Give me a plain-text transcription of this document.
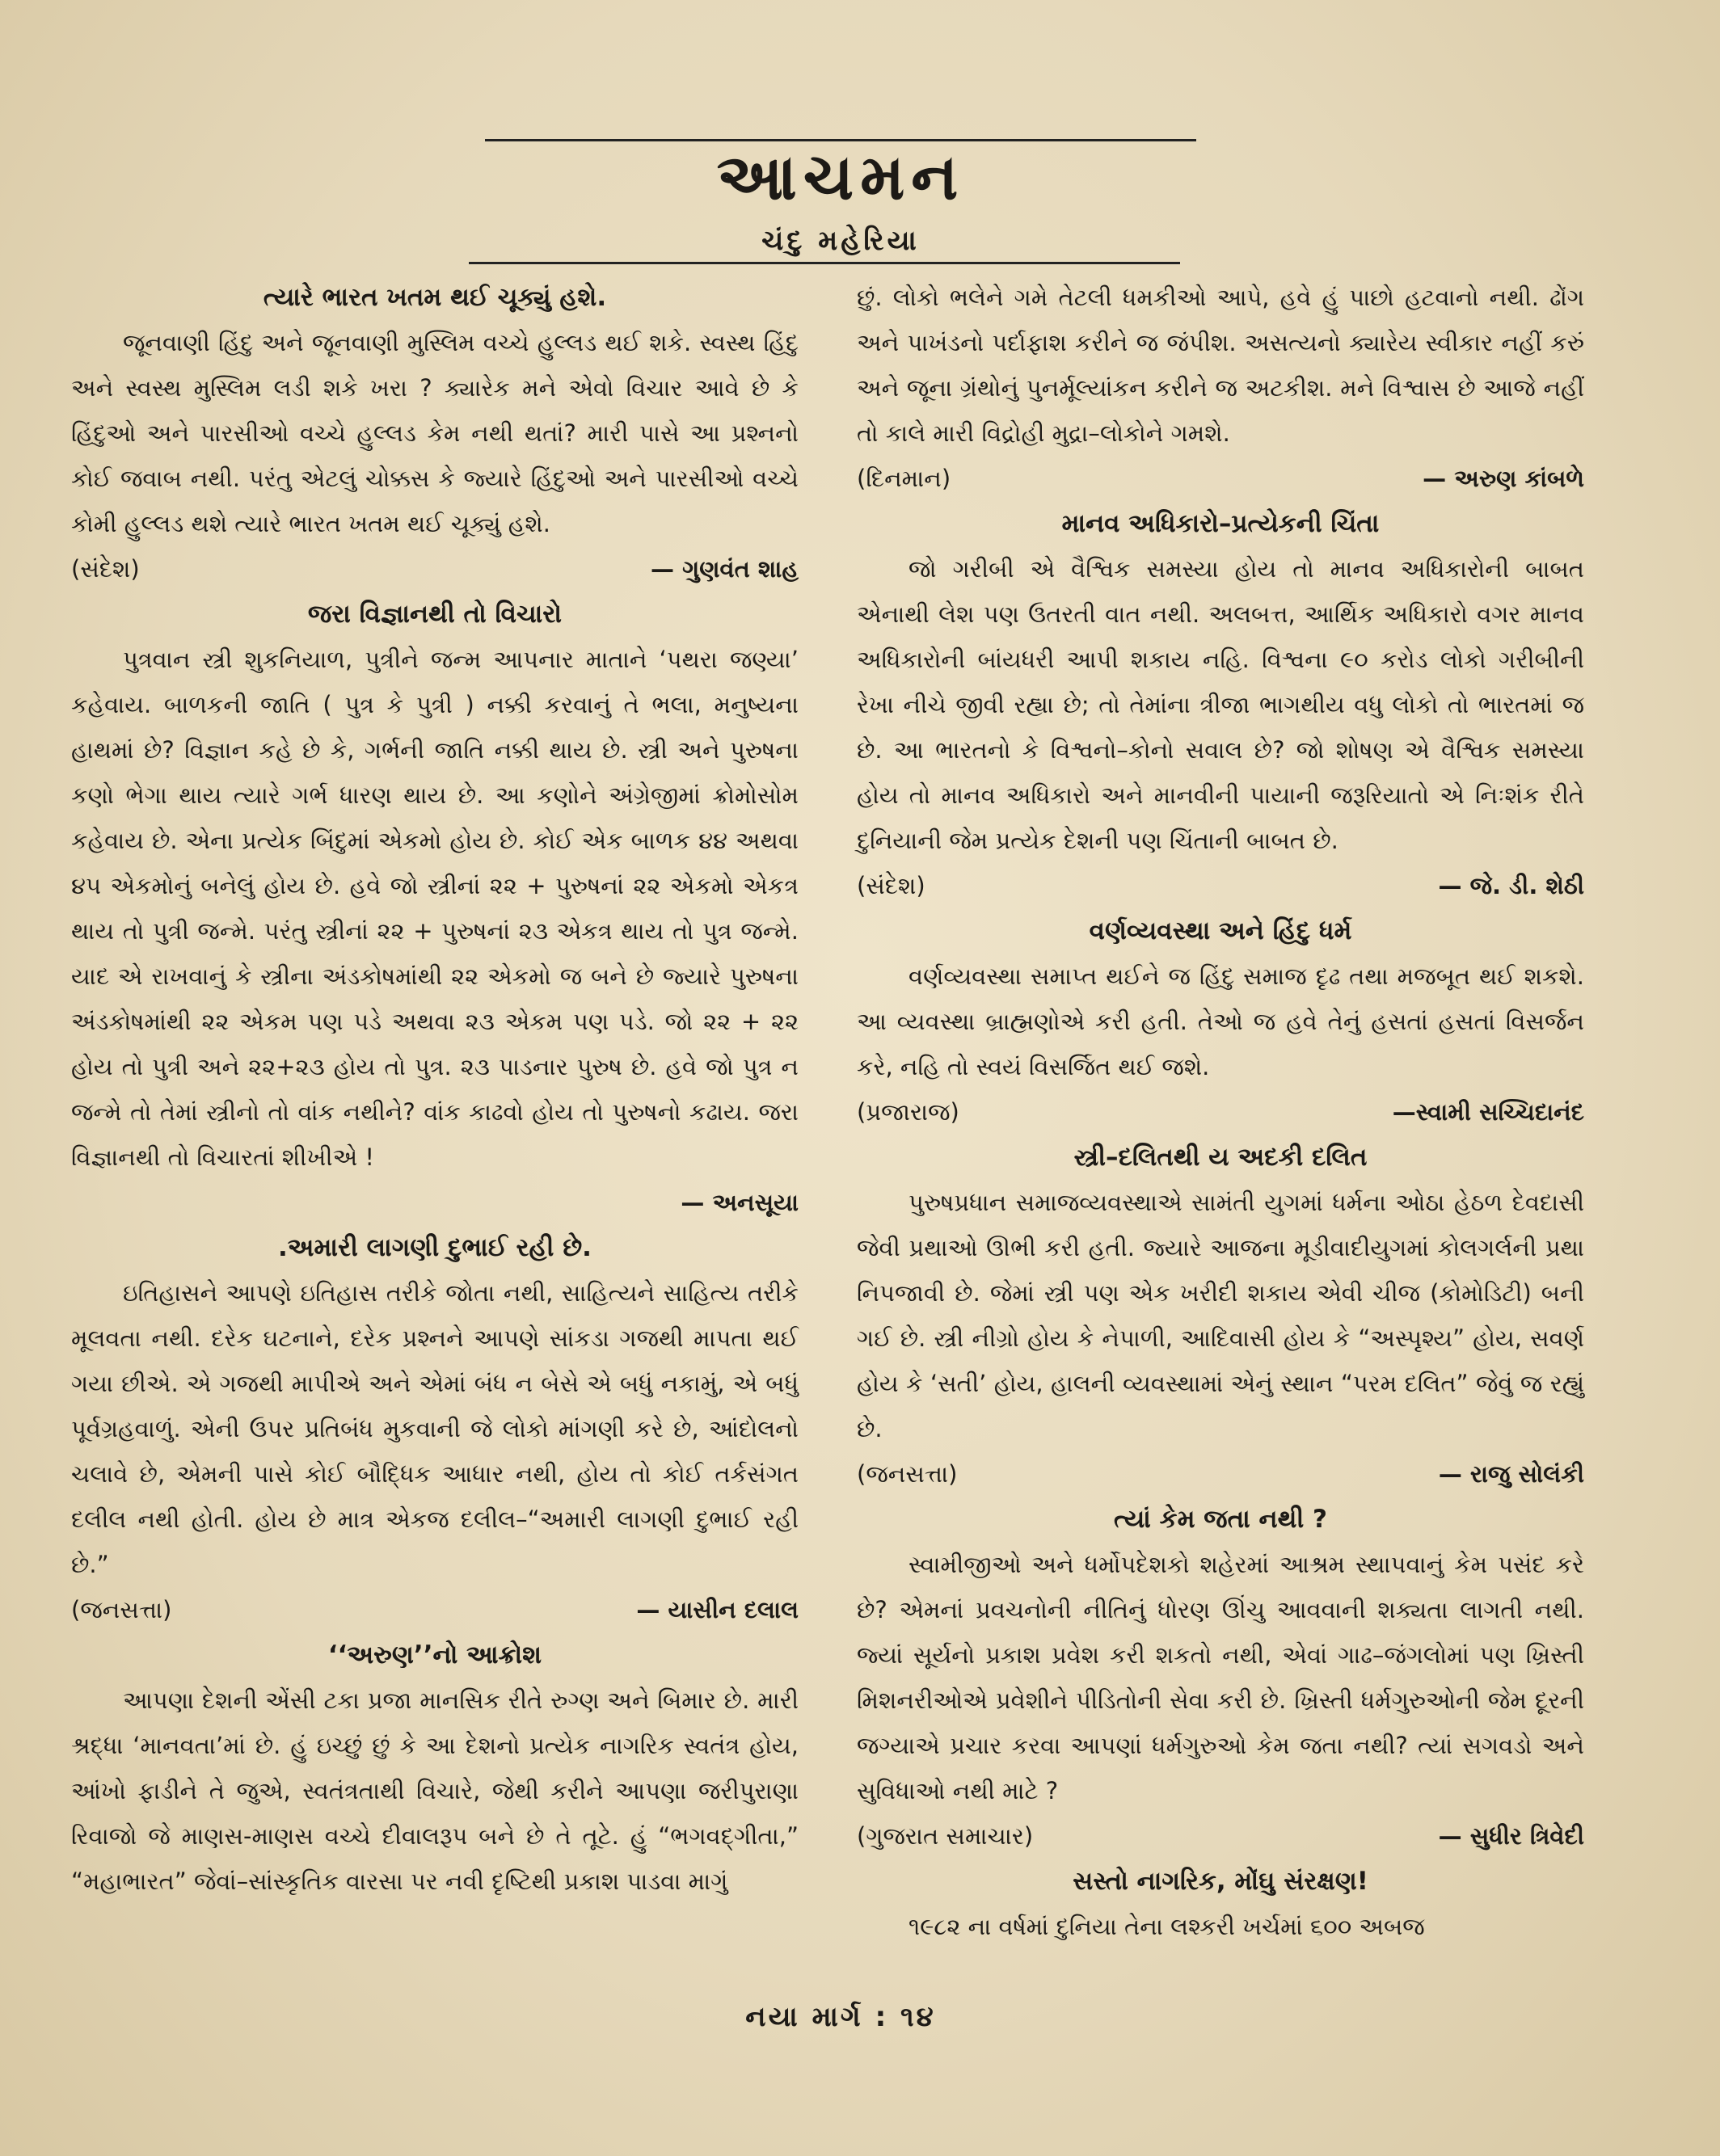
આચમન
ચંદુ મહેરિયા

ત્યારે ભારત ખતમ થઈ ચૂક્યું હશે.

જૂનવાણી હિંદુ અને જૂનવાણી મુસ્લિમ વચ્ચે હુલ્લડ થઈ શકે. સ્વસ્થ હિંદુ અને સ્વસ્થ મુસ્લિમ લડી શકે ખરા ? ક્યારેક મને એવો વિચાર આવે છે કે હિંદુઓ અને પારસીઓ વચ્ચે હુલ્લડ કેમ નથી થતાં? મારી પાસે આ પ્રશ્નનો કોઈ જવાબ નથી. પરંતુ એટલું ચોક્કસ કે જ્યારે હિંદુઓ અને પારસીઓ વચ્ચે કોમી હુલ્લડ થશે ત્યારે ભારત ખતમ થઈ ચૂક્યું હશે.

(સંદેશ)	— ગુણવંત શાહ

જરા વિજ્ઞાનથી તો વિચારો

પુત્રવાન સ્ત્રી શુકનિયાળ, પુત્રીને જન્મ આપનાર માતાને ‘પથરા જણ્યા’ કહેવાય. બાળકની જાતિ ( પુત્ર કે પુત્રી ) નક્કી કરવાનું તે ભલા, મનુષ્યના હાથમાં છે? વિજ્ઞાન કહે છે કે, ગર્ભની જાતિ નક્કી થાય છે. સ્ત્રી અને પુરુષના કણો ભેગા થાય ત્યારે ગર્ભ ધારણ થાય છે. આ કણોને અંગ્રેજીમાં ક્રોમોસોમ કહેવાય છે. એના પ્રત્યેક બિંદુમાં એકમો હોય છે. કોઈ એક બાળક ૪૪ અથવા ૪૫ એકમોનું બનેલું હોય છે. હવે જો સ્ત્રીનાં ૨૨ + પુરુષનાં ૨૨ એકમો એકત્ર થાય તો પુત્રી જન્મે. પરંતુ સ્ત્રીનાં ૨૨ + પુરુષનાં ૨૩ એકત્ર થાય તો પુત્ર જન્મે. યાદ એ રાખવાનું કે સ્ત્રીના અંડકોષમાંથી ૨૨ એકમો જ બને છે જ્યારે પુરુષના અંડકોષમાંથી ૨૨ એકમ પણ પડે અથવા ૨૩ એકમ પણ પડે. જો ૨૨ + ૨૨ હોય તો પુત્રી અને ૨૨+૨૩ હોય તો પુત્ર. ૨૩ પાડનાર પુરુષ છે. હવે જો પુત્ર ન જન્મે તો તેમાં સ્ત્રીનો તો વાંક નથીને? વાંક કાઢવો હોય તો પુરુષનો કઢાય. જરા વિજ્ઞાનથી તો વિચારતાં શીખીએ !

— અનસૂયા

.અમારી લાગણી દુભાઈ રહી છે.

ઇતિહાસને આપણે ઇતિહાસ તરીકે જોતા નથી, સાહિત્યને સાહિત્ય તરીકે મૂલવતા નથી. દરેક ઘટનાને, દરેક પ્રશ્નને આપણે સાંકડા ગજથી માપતા થઈ ગયા છીએ. એ ગજથી માપીએ અને એમાં બંધ ન બેસે એ બધું નકામું, એ બધું પૂર્વગ્રહવાળું. એની ઉપર પ્રતિબંધ મુકવાની જે લોકો માંગણી કરે છે, આંદોલનો ચલાવે છે, એમની પાસે કોઈ બૌદ્ધિક આધાર નથી, હોય તો કોઈ તર્કસંગત દલીલ નથી હોતી. હોય છે માત્ર એકજ દલીલ–“અમારી લાગણી દુભાઈ રહી છે.”

(જનસત્તા)	— યાસીન દલાલ

‘‘અરુણ’’નો આક્રોશ

આપણા દેશની એંસી ટકા પ્રજા માનસિક રીતે રુગ્ણ અને બિમાર છે. મારી શ્રદ્ધા ‘માનવતા’માં છે. હું ઇચ્છું છું કે આ દેશનો પ્રત્યેક નાગરિક સ્વતંત્ર હોય, આંખો ફાડીને તે જુએ, સ્વતંત્રતાથી વિચારે, જેથી કરીને આપણા જરીપુરાણા રિવાજો જે માણસ-માણસ વચ્ચે દીવાલરૂપ બને છે તે તૂટે. હું “ભગવદ્ગીતા,” “મહાભારત” જેવાં–સાંસ્કૃતિક વારસા પર નવી દૃષ્ટિથી પ્રકાશ પાડવા માગું

છું. લોકો ભલેને ગમે તેટલી ધમકીઓ આપે, હવે હું પાછો હટવાનો નથી. ઢોંગ અને પાખંડનો પર્દાફાશ કરીને જ જંપીશ. અસત્યનો ક્યારેય સ્વીકાર નહીં કરું અને જૂના ગ્રંથોનું પુનર્મૂલ્યાંકન કરીને જ અટકીશ. મને વિશ્વાસ છે આજે નહીં તો કાલે મારી વિદ્રોહી મુદ્રા–લોકોને ગમશે.

(દિનમાન)	— અરુણ કાંબળે

માનવ અધિકારો–પ્રત્યેકની ચિંતા

જો ગરીબી એ વૈશ્વિક સમસ્યા હોય તો માનવ અધિકારોની બાબત એનાથી લેશ પણ ઉતરતી વાત નથી. અલબત્ત, આર્થિક અધિકારો વગર માનવ અધિકારોની બાંયધરી આપી શકાય નહિ. વિશ્વના ૯૦ કરોડ લોકો ગરીબીની રેખા નીચે જીવી રહ્યા છે; તો તેમાંના ત્રીજા ભાગથીય વધુ લોકો તો ભારતમાં જ છે. આ ભારતનો કે વિશ્વનો–કોનો સવાલ છે? જો શોષણ એ વૈશ્વિક સમસ્યા હોય તો માનવ અધિકારો અને માનવીની પાયાની જરૂરિયાતો એ નિઃશંક રીતે દુનિયાની જેમ પ્રત્યેક દેશની પણ ચિંતાની બાબત છે.

(સંદેશ)	— જે. ડી. શેઠી

વર્ણવ્યવસ્થા અને હિંદુ ધર્મ

વર્ણવ્યવસ્થા સમાપ્ત થઈને જ હિંદુ સમાજ દૃઢ તથા મજબૂત થઈ શકશે. આ વ્યવસ્થા બ્રાહ્મણોએ કરી હતી. તેઓ જ હવે તેનું હસતાં હસતાં વિસર્જન કરે, નહિ તો સ્વયં વિસર્જિત થઈ જશે.

(પ્રજારાજ)	—સ્વામી સચ્ચિદાનંદ

સ્ત્રી–દલિતથી ય અદકી દલિત

પુરુષપ્રધાન સમાજવ્યવસ્થાએ સામંતી યુગમાં ધર્મના ઓઠા હેઠળ દેવદાસી જેવી પ્રથાઓ ઊભી કરી હતી. જ્યારે આજના મૂડીવાદીયુગમાં કોલગર્લની પ્રથા નિપજાવી છે. જેમાં સ્ત્રી પણ એક ખરીદી શકાય એવી ચીજ (કોમોડિટી) બની ગઈ છે. સ્ત્રી નીગ્રો હોય કે નેપાળી, આદિવાસી હોય કે “અસ્પૃશ્ય” હોય, સવર્ણ હોય કે ‘સતી’ હોય, હાલની વ્યવસ્થામાં એનું સ્થાન “પરમ દલિત” જેવું જ રહ્યું છે.

(જનસત્તા)	— રાજુ સોલંકી

ત્યાં કેમ જતા નથી ?

સ્વામીજીઓ અને ધર્મોપદેશકો શહેરમાં આશ્રમ સ્થાપવાનું કેમ પસંદ કરે છે? એમનાં પ્રવચનોની નીતિનું ધોરણ ઊંચુ આવવાની શક્યતા લાગતી નથી. જ્યાં સૂર્યનો પ્રકાશ પ્રવેશ કરી શકતો નથી, એવાં ગાઢ–જંગલોમાં પણ ખ્રિસ્તી મિશનરીઓએ પ્રવેશીને પીડિતોની સેવા કરી છે. ખ્રિસ્તી ધર્મગુરુઓની જેમ દૂરની જગ્યાએ પ્રચાર કરવા આપણાં ધર્મગુરુઓ કેમ જતા નથી? ત્યાં સગવડો અને સુવિધાઓ નથી માટે ?

(ગુજરાત સમાચાર)	— સુધીર ત્રિવેદી

સસ્તો નાગરિક, મોંઘુ સંરક્ષણ!

૧૯૮૨ ના વર્ષમાં દુનિયા તેના લશ્કરી ખર્ચમાં ૬૦૦ અબજ

નયા માર્ગ : ૧૪
